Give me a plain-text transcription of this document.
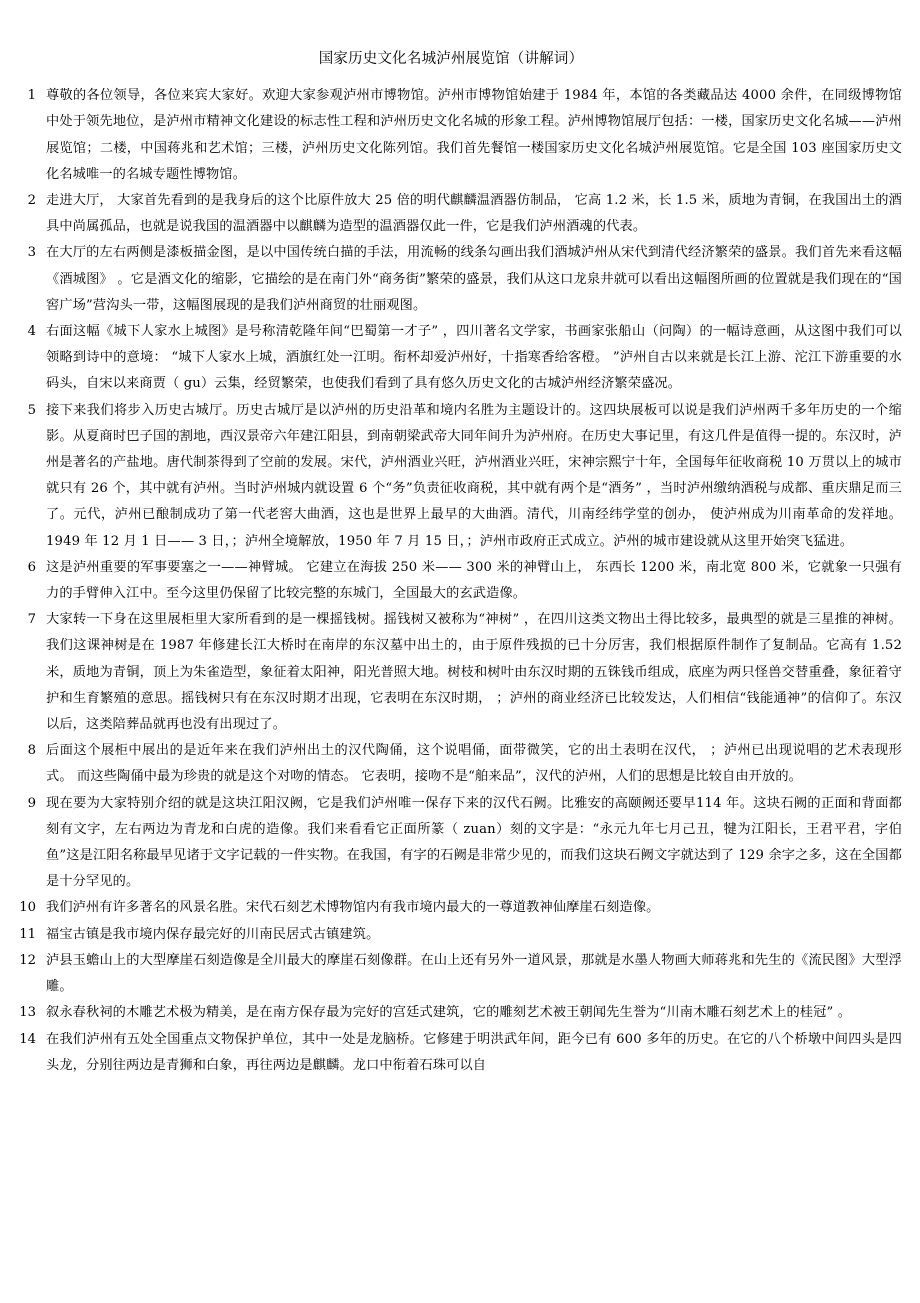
国家历史文化名城泸州展览馆（讲解词）
1 尊敬的各位领导，各位来宾大家好。欢迎大家参观泸州市博物馆。泸州市博物馆始建于 1984 年，本馆的各类藏品达 4000 余件，在同级博物馆中处于领先地位，是泸州市精神文化建设的标志性工程和泸州历史文化名城的形象工程。泸州博物馆展厅包括：一楼，国家历史文化名城——泸州展览馆；二楼，中国蒋兆和艺术馆；三楼，泸州历史文化陈列馆。我们首先餐馆一楼国家历史文化名城泸州展览馆。它是全国 103 座国家历史文化名城唯一的名城专题性博物馆。
2 走进大厅， 大家首先看到的是我身后的这个比原件放大 25 倍的明代麒麟温酒器仿制品， 它高 1.2 米，长 1.5 米，质地为青铜，在我国出土的酒具中尚属孤品，也就是说我国的温酒器中以麒麟为造型的温酒器仅此一件，它是我们泸州酒魂的代表。
3 在大厅的左右两侧是漆板描金图，是以中国传统白描的手法，用流畅的线条勾画出我们酒城泸州从宋代到清代经济繁荣的盛景。我们首先来看这幅《酒城图》 。它是酒文化的缩影，它描绘的是在南门外“商务街”繁荣的盛景，我们从这口龙泉井就可以看出这幅图所画的位置就是我们现在的“国窖广场”营沟头一带，这幅图展现的是我们泸州商贸的壮丽观图。
4 右面这幅《城下人家水上城图》是号称清乾隆年间“巴蜀第一才子” ，四川著名文学家，书画家张船山（问陶）的一幅诗意画，从这图中我们可以领略到诗中的意境： “城下人家水上城，酒旗红处一江明。衔杯却爱泸州好，十指寒香给客橙。 ”泸州自古以来就是长江上游、沱江下游重要的水码头，自宋以来商贾（ gu）云集，经贸繁荣，也使我们看到了具有悠久历史文化的古城泸州经济繁荣盛况。
5 接下来我们将步入历史古城厅。历史古城厅是以泸州的历史沿革和境内名胜为主题设计的。这四块展板可以说是我们泸州两千多年历史的一个缩影。从夏商时巴子国的割地，西汉景帝六年建江阳县，到南朝梁武帝大同年间升为泸州府。在历史大事记里，有这几件是值得一提的。东汉时，泸州是著名的产盐地。唐代制茶得到了空前的发展。宋代，泸州酒业兴旺，泸州酒业兴旺，宋神宗熙宁十年，全国每年征收商税 10 万贯以上的城市就只有 26 个，其中就有泸州。当时泸州城内就设置 6 个“务”负责征收商税，其中就有两个是“酒务” ，当时泸州缴纳酒税与成都、重庆鼎足而三了。元代，泸州已酿制成功了第一代老窖大曲酒，这也是世界上最早的大曲酒。清代，川南经纬学堂的创办， 使泸州成为川南革命的发祥地。 1949 年 12 月 1 日—— 3 日，；泸州全境解放，1950 年 7 月 15 日，；泸州市政府正式成立。泸州的城市建设就从这里开始突飞猛进。
6 这是泸州重要的军事要塞之一——神臂城。 它建立在海拔 250 米—— 300 米的神臂山上， 东西长 1200 米，南北宽 800 米，它就象一只强有力的手臂伸入江中。至今这里仍保留了比较完整的东城门，全国最大的玄武造像。
7 大家转一下身在这里展柜里大家所看到的是一棵摇钱树。摇钱树又被称为“神树” ，在四川这类文物出土得比较多，最典型的就是三星推的神树。我们这课神树是在 1987 年修建长江大桥时在南岸的东汉墓中出土的，由于原件残损的已十分厉害，我们根据原件制作了复制品。它高有 1.52 米，质地为青铜，顶上为朱雀造型，象征着太阳神，阳光普照大地。树枝和树叶由东汉时期的五铢钱币组成，底座为两只怪兽交替重叠，象征着守护和生育繁殖的意思。摇钱树只有在东汉时期才出现，它表明在东汉时期， ；泸州的商业经济已比较发达，人们相信“钱能通神”的信仰了。东汉以后，这类陪葬品就再也没有出现过了。
8 后面这个展柜中展出的是近年来在我们泸州出土的汉代陶俑，这个说唱俑，面带微笑，它的出土表明在汉代， ；泸州已出现说唱的艺术表现形式。 而这些陶俑中最为珍贵的就是这个对吻的情态。 它表明，接吻不是“舶来品”，汉代的泸州，人们的思想是比较自由开放的。
9 现在要为大家特别介绍的就是这块江阳汉阙，它是我们泸州唯一保存下来的汉代石阙。比雅安的高颐阙还要早114 年。这块石阙的正面和背面都刻有文字，左右两边为青龙和白虎的造像。我们来看看它正面所篆（ zuan）刻的文字是：“永元九年七月己丑，犍为江阳长，王君平君，字伯鱼”这是江阳名称最早见诸于文字记载的一件实物。在我国，有字的石阙是非常少见的，而我们这块石阙文字就达到了 129 余字之多，这在全国都是十分罕见的。
10 我们泸州有许多著名的风景名胜。宋代石刻艺术博物馆内有我市境内最大的一尊道教神仙摩崖石刻造像。
11 福宝古镇是我市境内保存最完好的川南民居式古镇建筑。
12 泸县玉蟾山上的大型摩崖石刻造像是全川最大的摩崖石刻像群。在山上还有另外一道风景，那就是水墨人物画大师蒋兆和先生的《流民图》大型浮雕。
13 叙永春秋祠的木雕艺术极为精美，是在南方保存最为完好的宫廷式建筑，它的雕刻艺术被王朝闻先生誉为“川南木雕石刻艺术上的桂冠” 。
14 在我们泸州有五处全国重点文物保护单位，其中一处是龙脑桥。它修建于明洪武年间，距今已有 600 多年的历史。在它的八个桥墩中间四头是四头龙，分别往两边是青狮和白象，再往两边是麒麟。龙口中衔着石珠可以自
